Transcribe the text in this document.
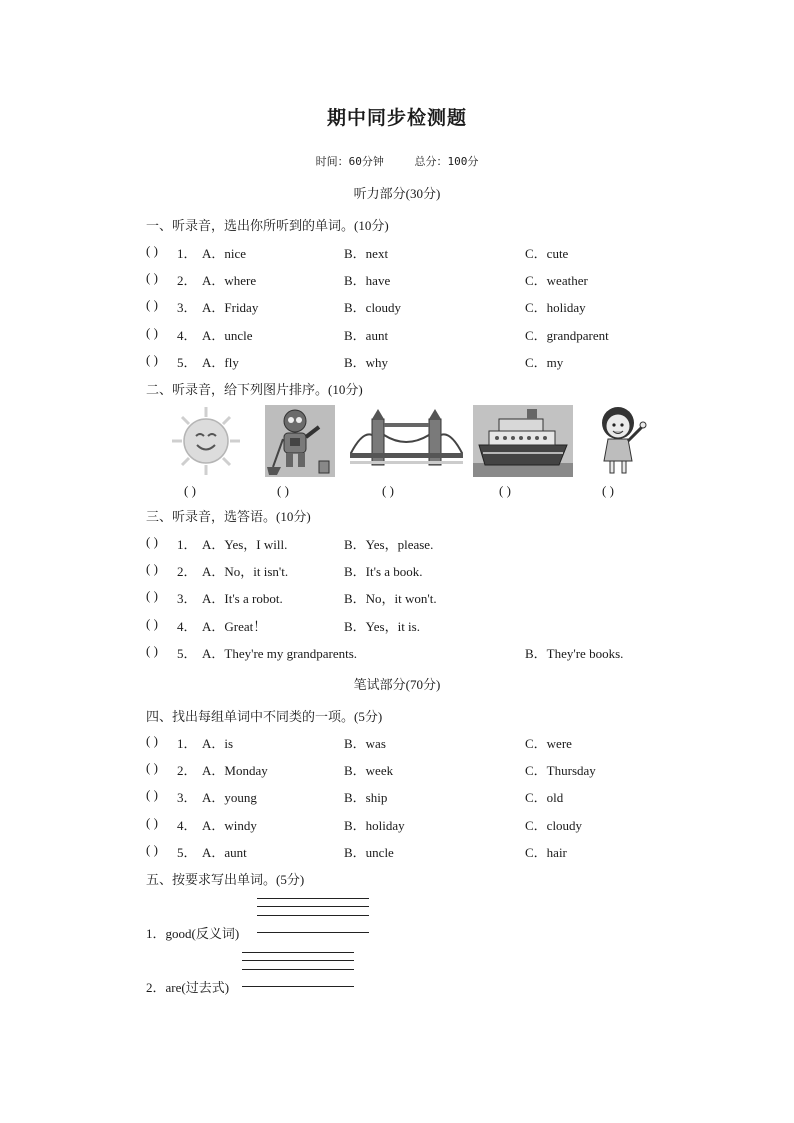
期中同步检测题
时间：60分钟	总分：100分
听力部分(30分)
一、听录音，选出你所听到的单词。(10分)
( ) 1． A．nice	B．next	C．cute
( ) 2． A．where	B．have	C．weather
( ) 3． A．Friday	B．cloudy	C．holiday
( ) 4． A．uncle	B．aunt	C．grandparent
( ) 5． A．fly	B．why	C．my
二、听录音，给下列图片排序。(10分)
( )	( )	( )	( )	( )
三、听录音，选答语。(10分)
( ) 1． A．Yes，I will.	B．Yes，please.
( ) 2． A．No，it isn't.	B．It's a book.
( ) 3． A．It's a robot.	B．No，it won't.
( ) 4． A．Great！	B．Yes，it is.
( ) 5． A．They're my grandparents.	B．They're books.
笔试部分(70分)
四、找出每组单词中不同类的一项。(5分)
( ) 1． A．is	B．was	C．were
( ) 2． A．Monday	B．week	C．Thursday
( ) 3． A．young	B．ship	C．old
( ) 4． A．windy	B．holiday	C．cloudy
( ) 5． A．aunt	B．uncle	C．hair
五、按要求写出单词。(5分)
1．good(反义词)
2．are(过去式)
